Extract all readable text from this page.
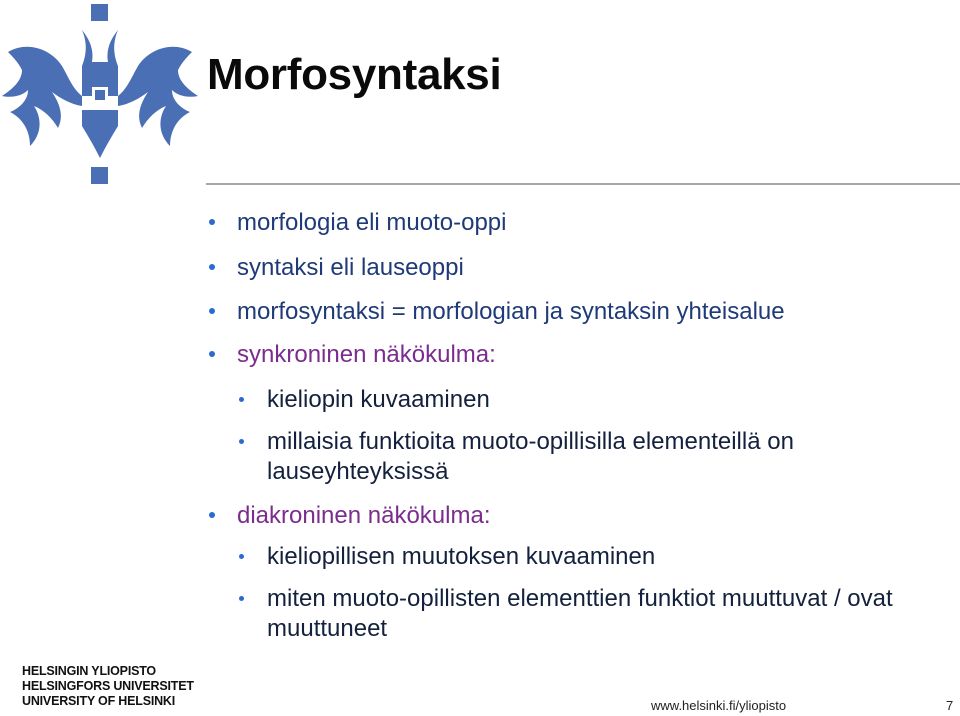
Morfosyntaksi
morfologia eli muoto-oppi
syntaksi eli lauseoppi
morfosyntaksi = morfologian ja syntaksin yhteisalue
synkroninen näkökulma:
kieliopin kuvaaminen
millaisia funktioita muoto-opillisilla elementeillä on lauseyhteyksissä
diakroninen näkökulma:
kieliopillisen muutoksen kuvaaminen
miten muoto-opillisten elementtien funktiot muuttuvat / ovat muuttuneet
HELSINGIN YLIOPISTO
HELSINGFORS UNIVERSITET
UNIVERSITY OF HELSINKI	www.helsinki.fi/yliopisto	7
